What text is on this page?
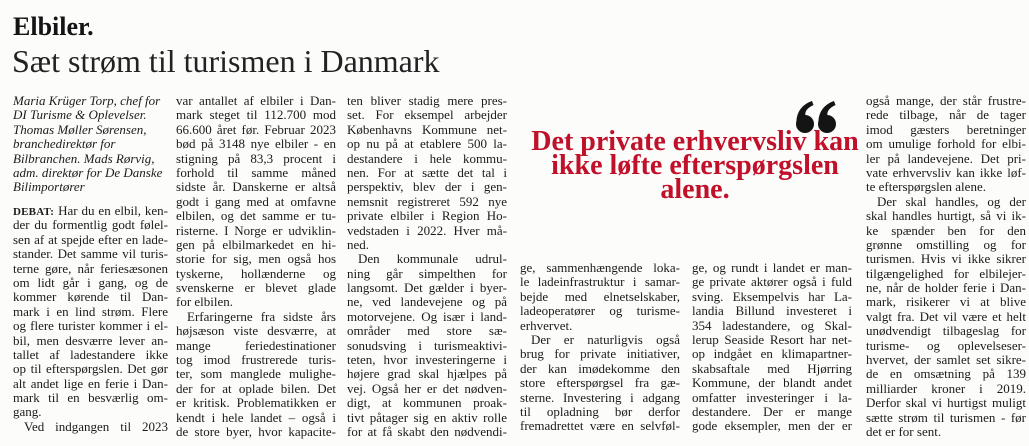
Elbiler.
Sæt strøm til turismen i Danmark
Maria Krüger Torp, chef for
DI Turisme & Oplevelser.
Thomas Møller Sørensen,
branchedirektør for
Bilbranchen. Mads Rørvig,
adm. direktør for De Danske
Bilimportører
DEBAT: Har du en elbil, ken-
der du formentlig godt følel-
sen af at spejde efter en lade-
stander. Det samme vil turis-
terne gøre, når feriesæsonen
om lidt går i gang, og de
kommer kørende til Dan-
mark i en lind strøm. Flere
og flere turister kommer i el-
bil, men desværre lever an-
tallet af ladestandere ikke
op til efterspørgslen. Det gør
alt andet lige en ferie i Dan-
mark til en besværlig om-
gang.
Ved indgangen til 2023
var antallet af elbiler i Dan-
mark steget til 112.700 mod
66.600 året før. Februar 2023
bød på 3148 nye elbiler - en
stigning på 83,3 procent i
forhold til samme måned
sidste år. Danskerne er altså
godt i gang med at omfavne
elbilen, og det samme er tu-
risterne. I Norge er udviklin-
gen på elbilmarkedet en hi-
storie for sig, men også hos
tyskerne, hollænderne og
svenskerne er blevet glade
for elbilen.
Erfaringerne fra sidste års
højsæson viste desværre, at
mange feriedestinationer
tog imod frustrerede turis-
ter, som manglede mulighe-
der for at oplade bilen. Det
er kritisk. Problematikken er
kendt i hele landet – også i
de store byer, hvor kapacite-
ten bliver stadig mere pres-
set. For eksempel arbejder
Københavns Kommune net-
op nu på at etablere 500 la-
destandere i hele kommu-
nen. For at sætte det tal i
perspektiv, blev der i gen-
nemsnit registreret 592 nye
private elbiler i Region Ho-
vedstaden i 2022. Hver må-
ned.
Den kommunale udrul-
ning går simpelthen for
langsomt. Det gælder i byer-
ne, ved landevejene og på
motorvejene. Og især i land-
områder med store sæ-
sonudsving i turismeaktivi-
teten, hvor investeringerne i
højere grad skal hjælpes på
vej. Også her er det nødven-
digt, at kommunen proak-
tivt påtager sig en aktiv rolle
for at få skabt den nødvendi-
Det private erhvervsliv kan
ikke løfte efterspørgslen
alene.
ge, sammenhængende loka-
le ladeinfrastruktur i samar-
bejde med elnetselskaber,
ladeoperatører og turisme-
erhvervet.
Der er naturligvis også
brug for private initiativer,
der kan imødekomme den
store efterspørgsel fra gæ-
sterne. Investering i adgang
til opladning bør derfor
fremadrettet være en selvføl-
ge, og rundt i landet er man-
ge private aktører også i fuld
sving. Eksempelvis har La-
landia Billund investeret i
354 ladestandere, og Skal-
lerup Seaside Resort har net-
op indgået en klimapartner-
skabsaftale med Hjørring
Kommune, der blandt andet
omfatter investeringer i la-
destandere. Der er mange
gode eksempler, men der er
også mange, der står frustre-
rede tilbage, når de tager
imod gæsters beretninger
om umulige forhold for elbi-
ler på landevejene. Det pri-
vate erhvervsliv kan ikke løf-
te efterspørgslen alene.
Der skal handles, og der
skal handles hurtigt, så vi ik-
ke spænder ben for den
grønne omstilling og for
turismen. Hvis vi ikke sikrer
tilgængelighed for elbilejer-
ne, når de holder ferie i Dan-
mark, risikerer vi at blive
valgt fra. Det vil være et helt
unødvendigt tilbageslag for
turisme- og oplevelseser-
hvervet, der samlet set sikre-
de en omsætning på 139
milliarder kroner i 2019.
Derfor skal vi hurtigst muligt
sætte strøm til turismen - før
det er for sent.
